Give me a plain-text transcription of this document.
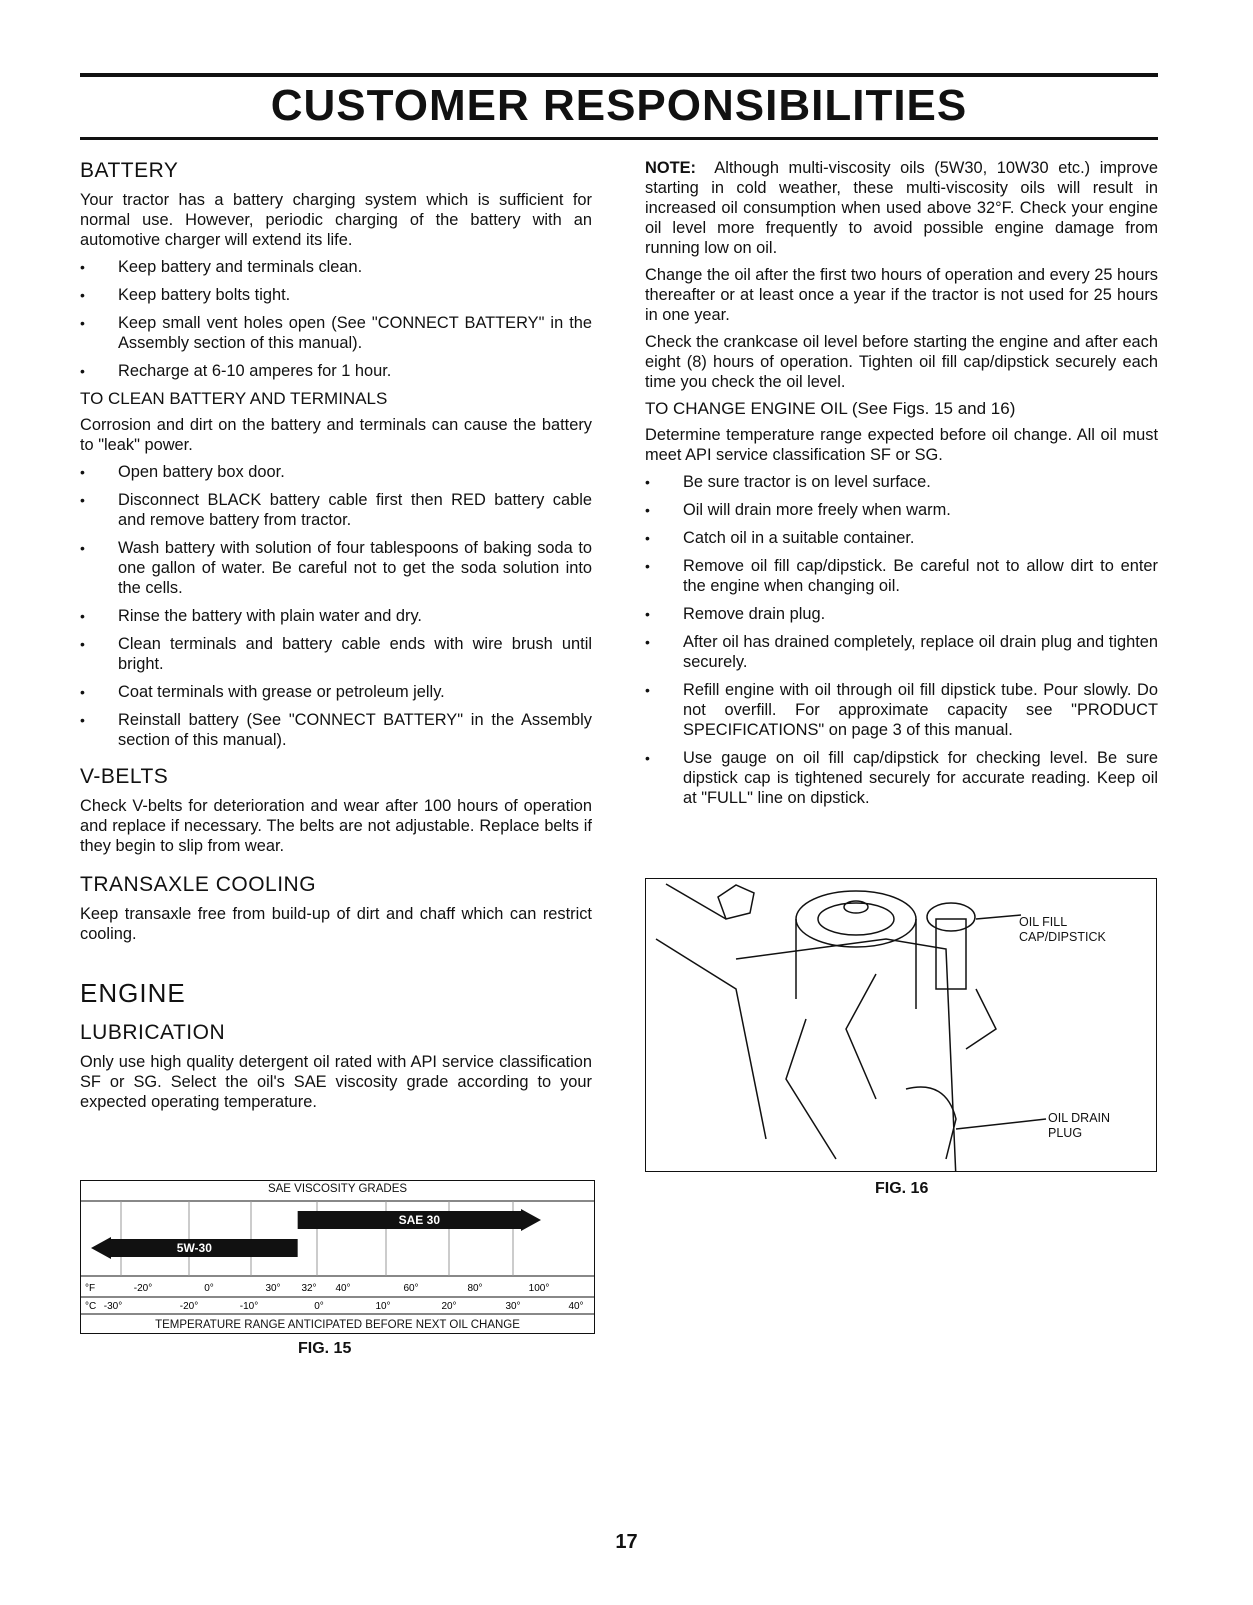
CUSTOMER RESPONSIBILITIES
BATTERY

Your tractor has a battery charging system which is sufficient for normal use. However, periodic charging of the battery with an automotive charger will extend its life.

• Keep battery and terminals clean.
• Keep battery bolts tight.
• Keep small vent holes open (See "CONNECT BATTERY" in the Assembly section of this manual).
• Recharge at 6-10 amperes for 1 hour.
TO CLEAN BATTERY AND TERMINALS

Corrosion and dirt on the battery and terminals can cause the battery to "leak" power.

• Open battery box door.
• Disconnect BLACK battery cable first then RED battery cable and remove battery from tractor.
• Wash battery with solution of four tablespoons of baking soda to one gallon of water. Be careful not to get the soda solution into the cells.
• Rinse the battery with plain water and dry.
• Clean terminals and battery cable ends with wire brush until bright.
• Coat terminals with grease or petroleum jelly.
• Reinstall battery (See "CONNECT BATTERY" in the Assembly section of this manual).
V-BELTS

Check V-belts for deterioration and wear after 100 hours of operation and replace if necessary. The belts are not adjustable. Replace belts if they begin to slip from wear.

TRANSAXLE COOLING

Keep transaxle free from build-up of dirt and chaff which can restrict cooling.

ENGINE
LUBRICATION

Only use high quality detergent oil rated with API service classification SF or SG. Select the oil's SAE viscosity grade according to your expected operating temperature.

SAE VISCOSITY GRADES
5W-30
SAE 30
°F	-20°	0°	30° 32° 40°	60°	80°	100°
°C -30°	-20°	-10°	0°	10°	20°	30°	40°
TEMPERATURE RANGE ANTICIPATED BEFORE NEXT OIL CHANGE
FIG. 15

NOTE: Although multi-viscosity oils (5W30, 10W30 etc.) improve starting in cold weather, these multi-viscosity oils will result in increased oil consumption when used above 32°F. Check your engine oil level more frequently to avoid possible engine damage from running low on oil.

Change the oil after the first two hours of operation and every 25 hours thereafter or at least once a year if the tractor is not used for 25 hours in one year.

Check the crankcase oil level before starting the engine and after each eight (8) hours of operation. Tighten oil fill cap/dipstick securely each time you check the oil level.

TO CHANGE ENGINE OIL (See Figs. 15 and 16)

Determine temperature range expected before oil change. All oil must meet API service classification SF or SG.

• Be sure tractor is on level surface.
• Oil will drain more freely when warm.
• Catch oil in a suitable container.
• Remove oil fill cap/dipstick. Be careful not to allow dirt to enter the engine when changing oil.
• Remove drain plug.
• After oil has drained completely, replace oil drain plug and tighten securely.
• Refill engine with oil through oil fill dipstick tube. Pour slowly. Do not overfill. For approximate capacity see "PRODUCT SPECIFICATIONS" on page 3 of this manual.
• Use gauge on oil fill cap/dipstick for checking level. Be sure dipstick cap is tightened securely for accurate reading. Keep oil at "FULL" line on dipstick.
OIL FILL
CAP/DIPSTICK
OIL DRAIN
PLUG
FIG. 16
17
